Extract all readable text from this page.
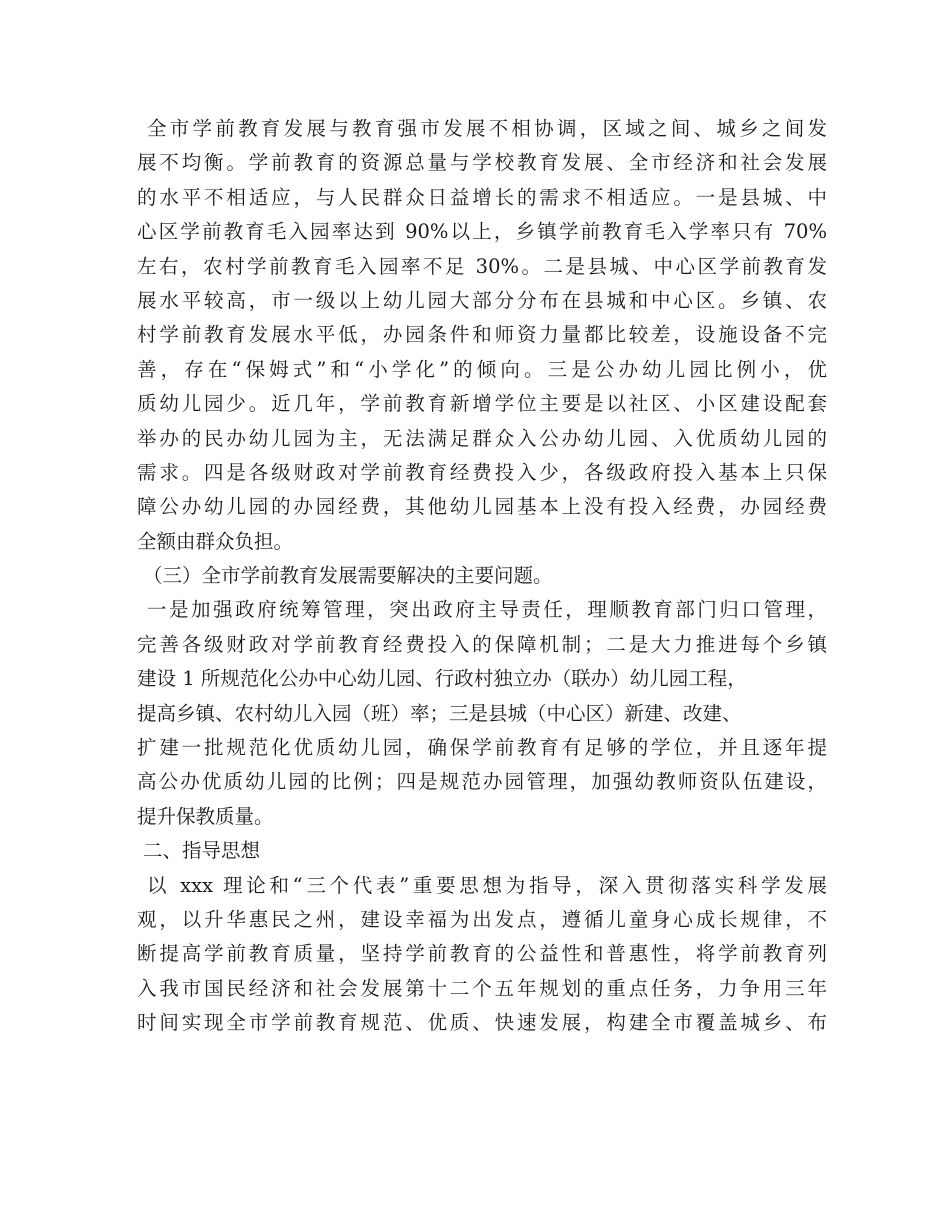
全市学前教育发展与教育强市发展不相协调，区域之间、城乡之间发
展不均衡。学前教育的资源总量与学校教育发展、全市经济和社会发展
的水平不相适应，与人民群众日益增长的需求不相适应。一是县城、中
心区学前教育毛入园率达到 90%以上，乡镇学前教育毛入学率只有 70%
左右，农村学前教育毛入园率不足 30%。二是县城、中心区学前教育发
展水平较高，市一级以上幼儿园大部分分布在县城和中心区。乡镇、农
村学前教育发展水平低，办园条件和师资力量都比较差，设施设备不完
善，存在“保姆式”和“小学化”的倾向。三是公办幼儿园比例小，优
质幼儿园少。近几年，学前教育新增学位主要是以社区、小区建设配套
举办的民办幼儿园为主，无法满足群众入公办幼儿园、入优质幼儿园的
需求。四是各级财政对学前教育经费投入少，各级政府投入基本上只保
障公办幼儿园的办园经费，其他幼儿园基本上没有投入经费，办园经费
全额由群众负担。
（三）全市学前教育发展需要解决的主要问题。
一是加强政府统筹管理，突出政府主导责任，理顺教育部门归口管理，
完善各级财政对学前教育经费投入的保障机制；二是大力推进每个乡镇
建设 1 所规范化公办中心幼儿园、行政村独立办（联办）幼儿园工程，
提高乡镇、农村幼儿入园（班）率；三是县城（中心区）新建、改建、
扩建一批规范化优质幼儿园，确保学前教育有足够的学位，并且逐年提
高公办优质幼儿园的比例；四是规范办园管理，加强幼教师资队伍建设，
提升保教质量。
二、指导思想
以 xxx 理论和“三个代表”重要思想为指导，深入贯彻落实科学发展
观，以升华惠民之州，建设幸福为出发点，遵循儿童身心成长规律，不
断提高学前教育质量，坚持学前教育的公益性和普惠性，将学前教育列
入我市国民经济和社会发展第十二个五年规划的重点任务，力争用三年
时间实现全市学前教育规范、优质、快速发展，构建全市覆盖城乡、布
